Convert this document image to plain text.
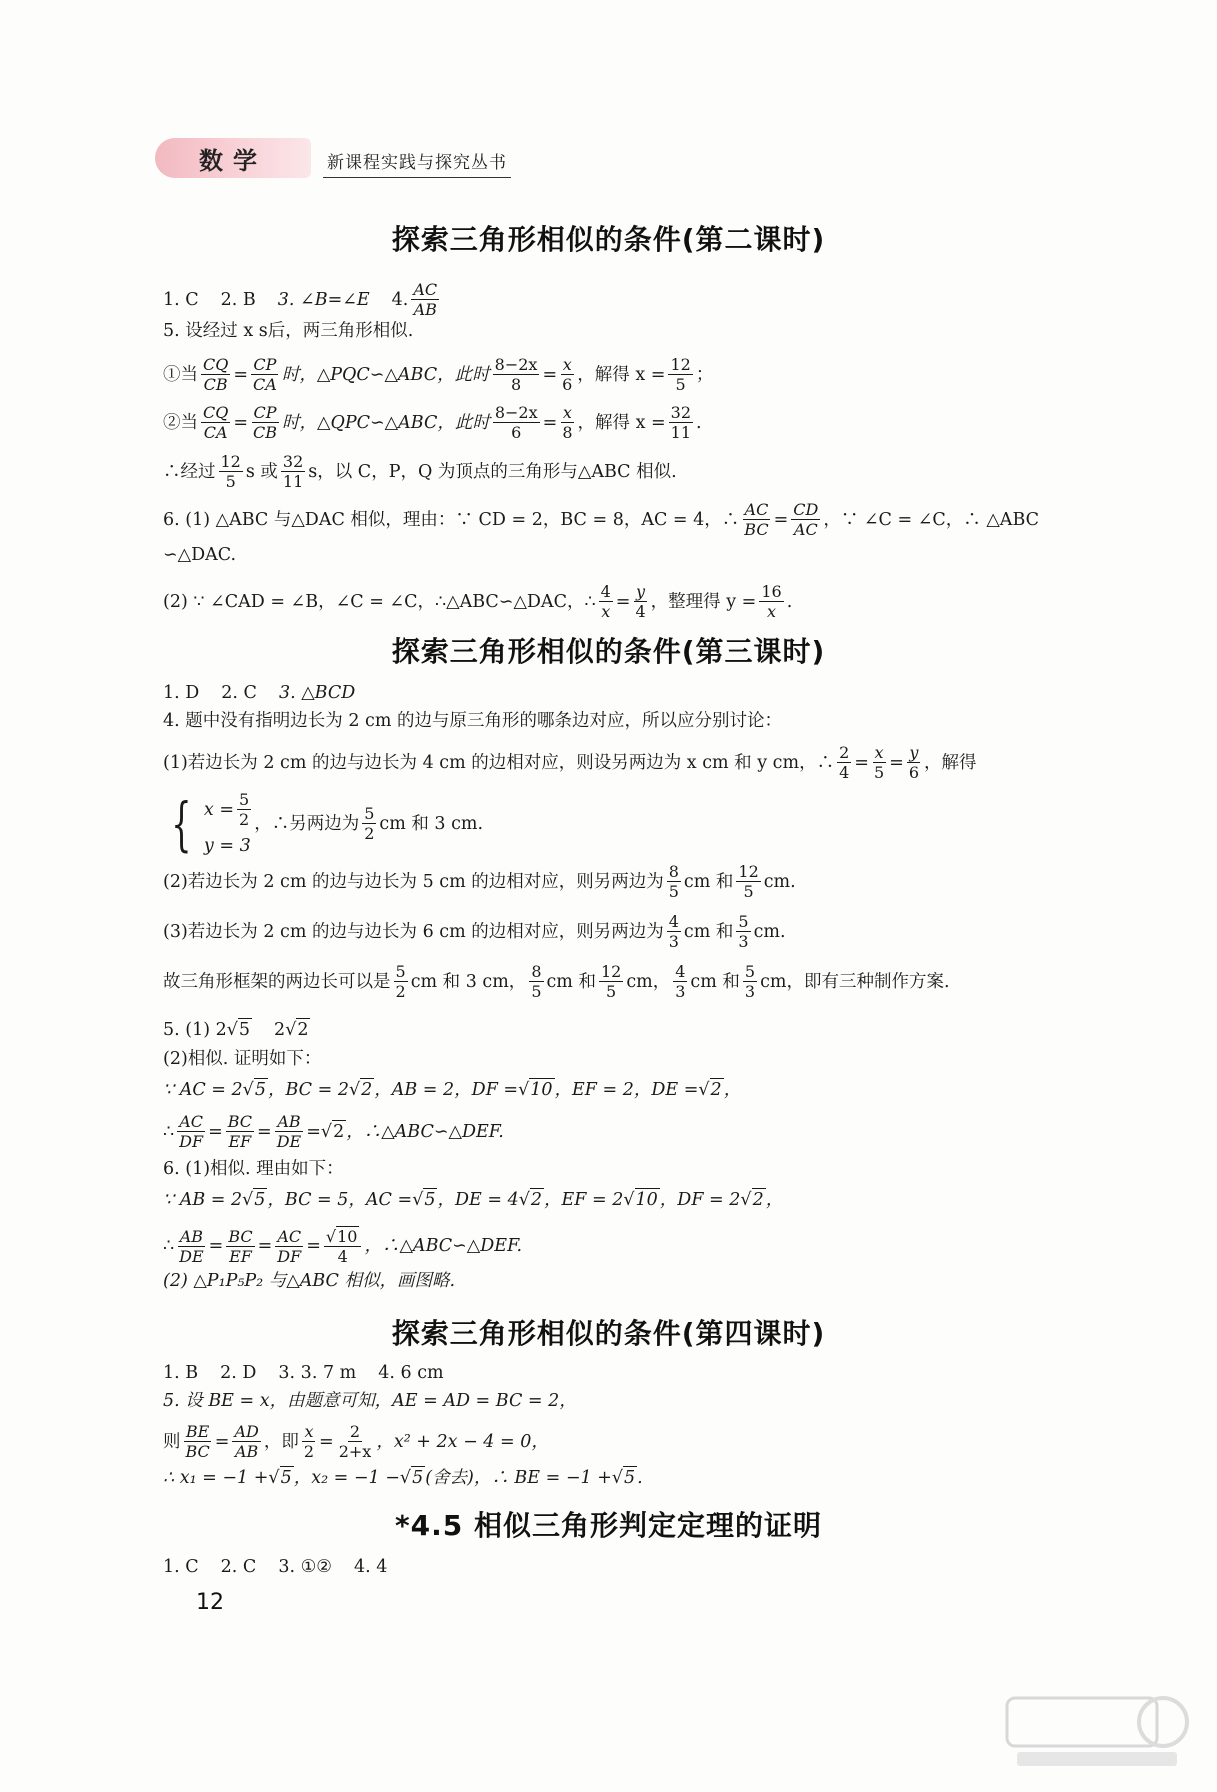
数学	新课程实践与探究丛书
探索三角形相似的条件(第二课时)
1. C 2. B 3. ∠B=∠E 4. $\frac{AC}{AB}$
5. 设经过 x s后，两三角形相似.
①当 $\frac{CQ}{CB} = \frac{CP}{CA}$ 时，△PQC∽△ABC，此时 $\frac{8-2x}{8} = \frac{x}{6}$ ，解得 $x = \frac{12}{5}$ ；
②当 $\frac{CQ}{CA} = \frac{CP}{CB}$ 时，△QPC∽△ABC，此时 $\frac{8-2x}{6} = \frac{x}{8}$ ，解得 $x = \frac{32}{11}$ .
∴经过 $\frac{12}{5}$ s 或 $\frac{32}{11}$ s，以 C，P，Q 为顶点的三角形与△ABC 相似.
6. (1) △ABC 与△DAC 相似，理由：∵ CD = 2，BC = 8，AC = 4，∴ $\frac{AC}{BC} = \frac{CD}{AC}$ ，∵ ∠C = ∠C，∴ △ABC
∽△DAC.
(2) ∵ ∠CAD = ∠B，∠C = ∠C，∴△ABC∽△DAC，∴ $\frac{4}{x} = \frac{y}{4}$ ，整理得 $y = \frac{16}{x}$ .
探索三角形相似的条件(第三课时)
1. D 2. C 3. △BCD
4. 题中没有指明边长为 2 cm 的边与原三角形的哪条边对应，所以应分别讨论：
(1)若边长为 2 cm 的边与边长为 4 cm 的边相对应，则设另两边为 x cm 和 y cm，∴ $\frac{2}{4} = \frac{x}{5} = \frac{y}{6}$ ，解得
{ $x = \frac{5}{2}$
y = 3
，∴另两边为 $\frac{5}{2}$ cm 和 3 cm.
(2)若边长为 2 cm 的边与边长为 5 cm 的边相对应，则另两边为 $\frac{8}{5}$ cm 和 $\frac{12}{5}$ cm.
(3)若边长为 2 cm 的边与边长为 6 cm 的边相对应，则另两边为 $\frac{4}{3}$ cm 和 $\frac{5}{3}$ cm.
故三角形框架的两边长可以是 $\frac{5}{2}$ cm 和 3 cm， $\frac{8}{5}$ cm 和 $\frac{12}{5}$ cm， $\frac{4}{3}$ cm 和 $\frac{5}{3}$ cm，即有三种制作方案.
5. (1) 2 √ 5 2 √ 2
(2)相似. 证明如下：
∵ AC = 2 √ 5 ，BC = 2 √ 2 ，AB = 2，DF = √ 10 ，EF = 2，DE = √ 2 ，
∴ $\frac{AC}{DF} = \frac{BC}{EF} = \frac{AB}{DE}$ = √ 2 ，∴△ABC∽△DEF.
6. (1)相似. 理由如下：
∵ AB = 2 √ 5 ，BC = 5，AC = √ 5 ，DE = 4 √ 2 ，EF = 2 √ 10 ，DF = 2 √ 2 ，
∴ $\frac{AB}{DE} = \frac{BC}{EF} = \frac{AC}{DF} = \frac{√ 10}{4}$ ，∴△ABC∽△DEF.
(2) △P₁P₅P₂ 与△ABC 相似，画图略.
探索三角形相似的条件(第四课时)
1. B 2. D 3. 3. 7 m 4. 6 cm
5. 设 BE = x，由题意可知，AE = AD = BC = 2，
则 $\frac{BE}{BC} = \frac{AD}{AB}$ ，即 $\frac{x}{2} = \frac{2}{2+x}$ ，x² + 2x − 4 = 0，
∴ x₁ = −1 + √ 5 ，x₂ = −1 − √ 5 (舍去)，∴ BE = −1 + √ 5 .
*4.5 相似三角形判定定理的证明
1. C 2. C 3. ①② 4. 4
12
